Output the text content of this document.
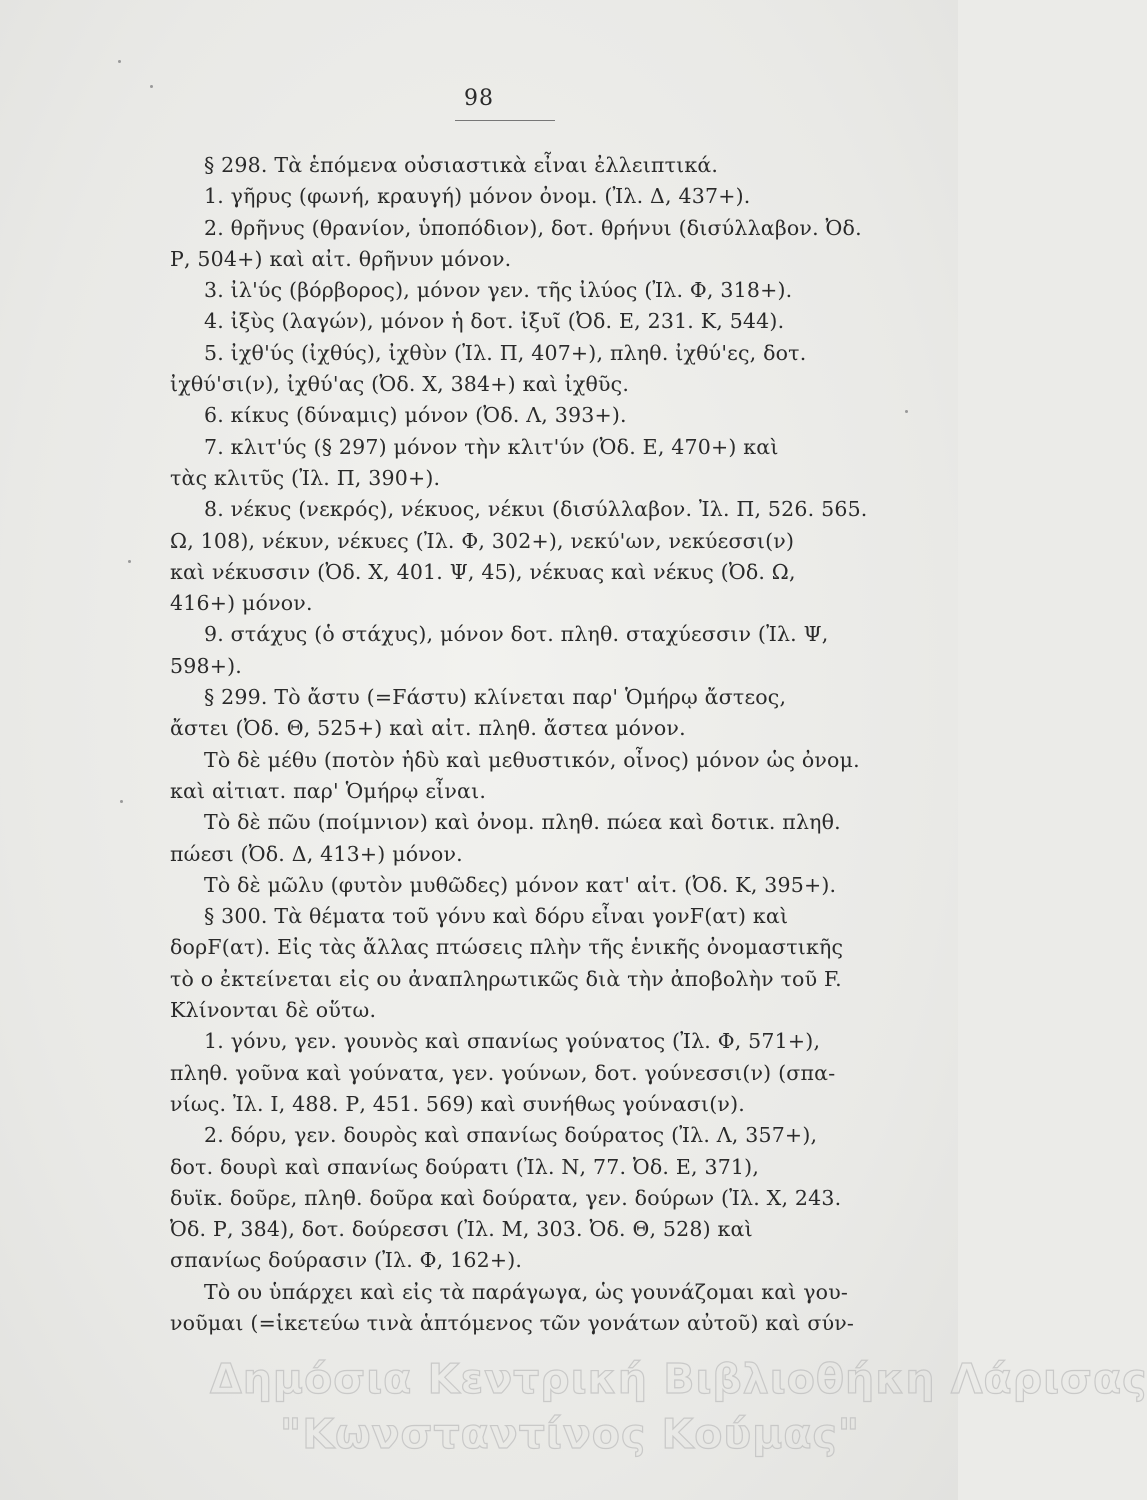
98
§ 298. Τὰ ἑπόμενα οὐσιαστικὰ εἶναι ἐλλειπτικά.
1. γῆρυς (φωνή, κραυγή) μόνον ὀνομ. (Ἰλ. Δ, 437+).
2. θρῆνυς (θρανίον, ὑποπόδιον), δοτ. θρήνυι (δισύλλαβον. Ὀδ.
Ρ, 504+) καὶ αἰτ. θρῆνυν μόνον.
3. ἰλ'ύς (βόρβορος), μόνον γεν. τῆς ἰλύος (Ἰλ. Φ, 318+).
4. ἰξὺς (λαγών), μόνον ἡ δοτ. ἰξυῖ (Ὀδ. Ε, 231. Κ, 544).
5. ἰχθ'ύς (ἰχθύς), ἰχθὺν (Ἰλ. Π, 407+), πληθ. ἰχθύ'ες, δοτ.
ἰχθύ'σι(ν), ἰχθύ'ας (Ὀδ. Χ, 384+) καὶ ἰχθῦς.
6. κίκυς (δύναμις) μόνον (Ὀδ. Λ, 393+).
7. κλιτ'ύς (§ 297) μόνον τὴν κλιτ'ύν (Ὀδ. Ε, 470+) καὶ
τὰς κλιτῦς (Ἰλ. Π, 390+).
8. νέκυς (νεκρός), νέκυος, νέκυι (δισύλλαβον. Ἰλ. Π, 526. 565.
Ω, 108), νέκυν, νέκυες (Ἰλ. Φ, 302+), νεκύ'ων, νεκύεσσι(ν)
καὶ νέκυσσιν (Ὀδ. Χ, 401. Ψ, 45), νέκυας καὶ νέκυς (Ὀδ. Ω,
416+) μόνον.
9. στάχυς (ὁ στάχυς), μόνον δοτ. πληθ. σταχύεσσιν (Ἰλ. Ψ,
598+).
§ 299. Τὸ ἄστυ (=Fάστυ) κλίνεται παρ' Ὁμήρῳ ἄστεος,
ἄστει (Ὀδ. Θ, 525+) καὶ αἰτ. πληθ. ἄστεα μόνον.
Τὸ δὲ μέθυ (ποτὸν ἡδὺ καὶ μεθυστικόν, οἶνος) μόνον ὡς ὀνομ.
καὶ αἰτιατ. παρ' Ὁμήρῳ εἶναι.
Τὸ δὲ πῶυ (ποίμνιον) καὶ ὀνομ. πληθ. πώεα καὶ δοτικ. πληθ.
πώεσι (Ὀδ. Δ, 413+) μόνον.
Τὸ δὲ μῶλυ (φυτὸν μυθῶδες) μόνον κατ' αἰτ. (Ὀδ. Κ, 395+).
§ 300. Τὰ θέματα τοῦ γόνυ καὶ δόρυ εἶναι γονF(ατ) καὶ
δορF(ατ). Εἰς τὰς ἄλλας πτώσεις πλὴν τῆς ἑνικῆς ὀνομαστικῆς
τὸ ο ἐκτείνεται εἰς ου ἀναπληρωτικῶς διὰ τὴν ἀποβολὴν τοῦ F.
Κλίνονται δὲ οὕτω.
1. γόνυ, γεν. γουνὸς καὶ σπανίως γούνατος (Ἰλ. Φ, 571+),
πληθ. γοῦνα καὶ γούνατα, γεν. γούνων, δοτ. γούνεσσι(ν) (σπα-
νίως. Ἰλ. Ι, 488. Ρ, 451. 569) καὶ συνήθως γούνασι(ν).
2. δόρυ, γεν. δουρὸς καὶ σπανίως δούρατος (Ἰλ. Λ, 357+),
δοτ. δουρὶ καὶ σπανίως δούρατι (Ἰλ. Ν, 77. Ὀδ. Ε, 371),
δυϊκ. δοῦρε, πληθ. δοῦρα καὶ δούρατα, γεν. δούρων (Ἰλ. Χ, 243.
Ὀδ. Ρ, 384), δοτ. δούρεσσι (Ἰλ. Μ, 303. Ὀδ. Θ, 528) καὶ
σπανίως δούρασιν (Ἰλ. Φ, 162+).
Τὸ ου ὑπάρχει καὶ εἰς τὰ παράγωγα, ὡς γουνάζομαι καὶ γου-
νοῦμαι (=ἱκετεύω τινὰ ἁπτόμενος τῶν γονάτων αὐτοῦ) καὶ σύν-
Δημόσια Κεντρική Βιβλιοθήκη Λάρισας
"Κωνσταντίνος Κούμας"
